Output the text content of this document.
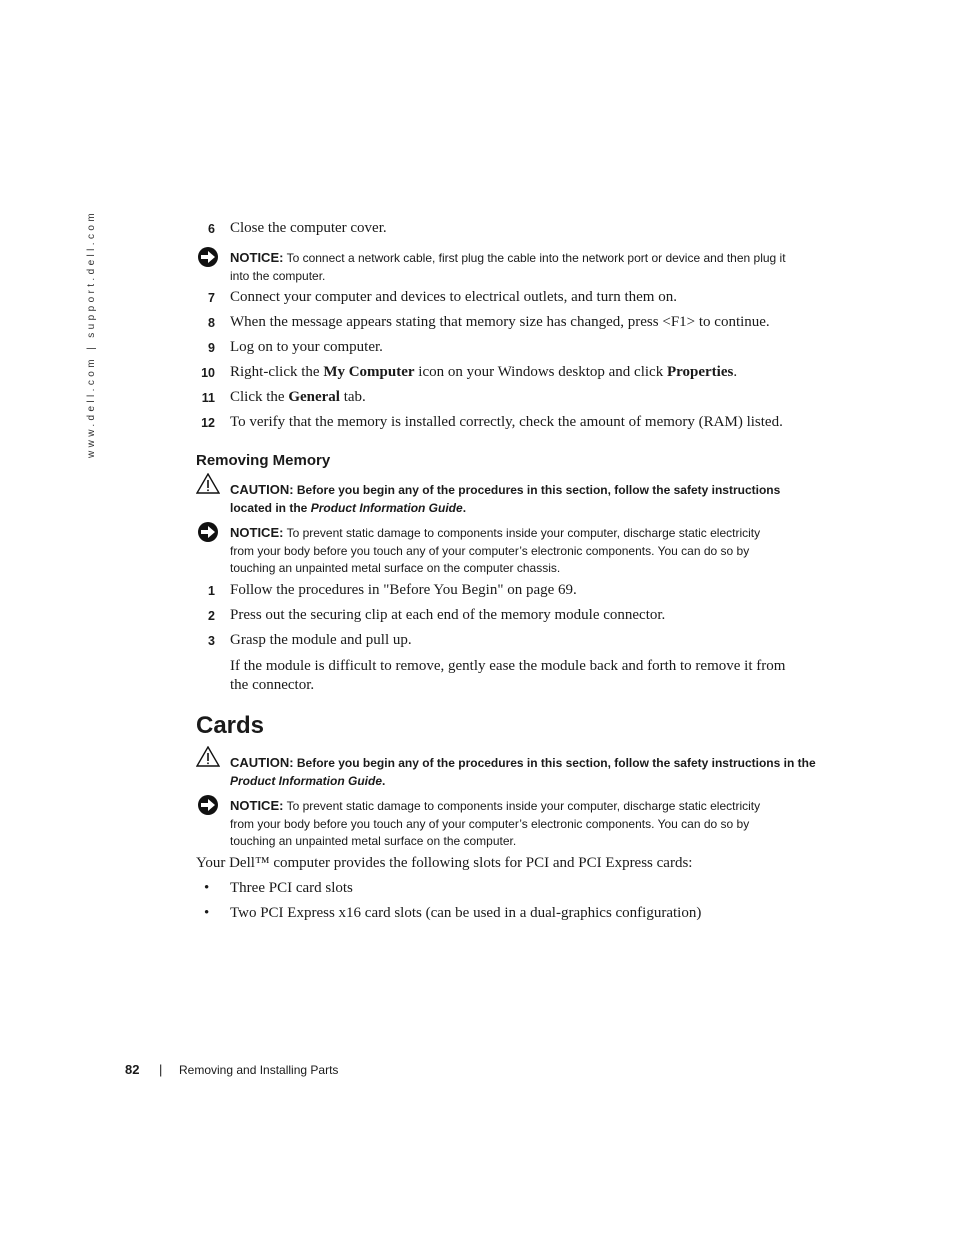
www.dell.com | support.dell.com	6 Close the computer cover.
NOTICE: To connect a network cable, first plug the cable into the network port or device and then plug it
into the computer.
7 Connect your computer and devices to electrical outlets, and turn them on.
8 When the message appears stating that memory size has changed, press <F1> to continue.
9 Log on to your computer.
10 Right-click the My Computer icon on your Windows desktop and click Properties.
11 Click the General tab.
12 To verify that the memory is installed correctly, check the amount of memory (RAM) listed.
Removing Memory
CAUTION: Before you begin any of the procedures in this section, follow the safety instructions
located in the Product Information Guide.
NOTICE: To prevent static damage to components inside your computer, discharge static electricity
from your body before you touch any of your computer’s electronic components. You can do so by
touching an unpainted metal surface on the computer chassis.
1 Follow the procedures in "Before You Begin" on page 69.
2 Press out the securing clip at each end of the memory module connector.
3 Grasp the module and pull up.
If the module is difficult to remove, gently ease the module back and forth to remove it from
the connector.
Cards
CAUTION: Before you begin any of the procedures in this section, follow the safety instructions in the
Product Information Guide.
NOTICE: To prevent static damage to components inside your computer, discharge static electricity
from your body before you touch any of your computer’s electronic components. You can do so by
touching an unpainted metal surface on the computer.
Your Dell™ computer provides the following slots for PCI and PCI Express cards:
• Three PCI card slots
• Two PCI Express x16 card slots (can be used in a dual-graphics configuration)
82 | Removing and Installing Parts
